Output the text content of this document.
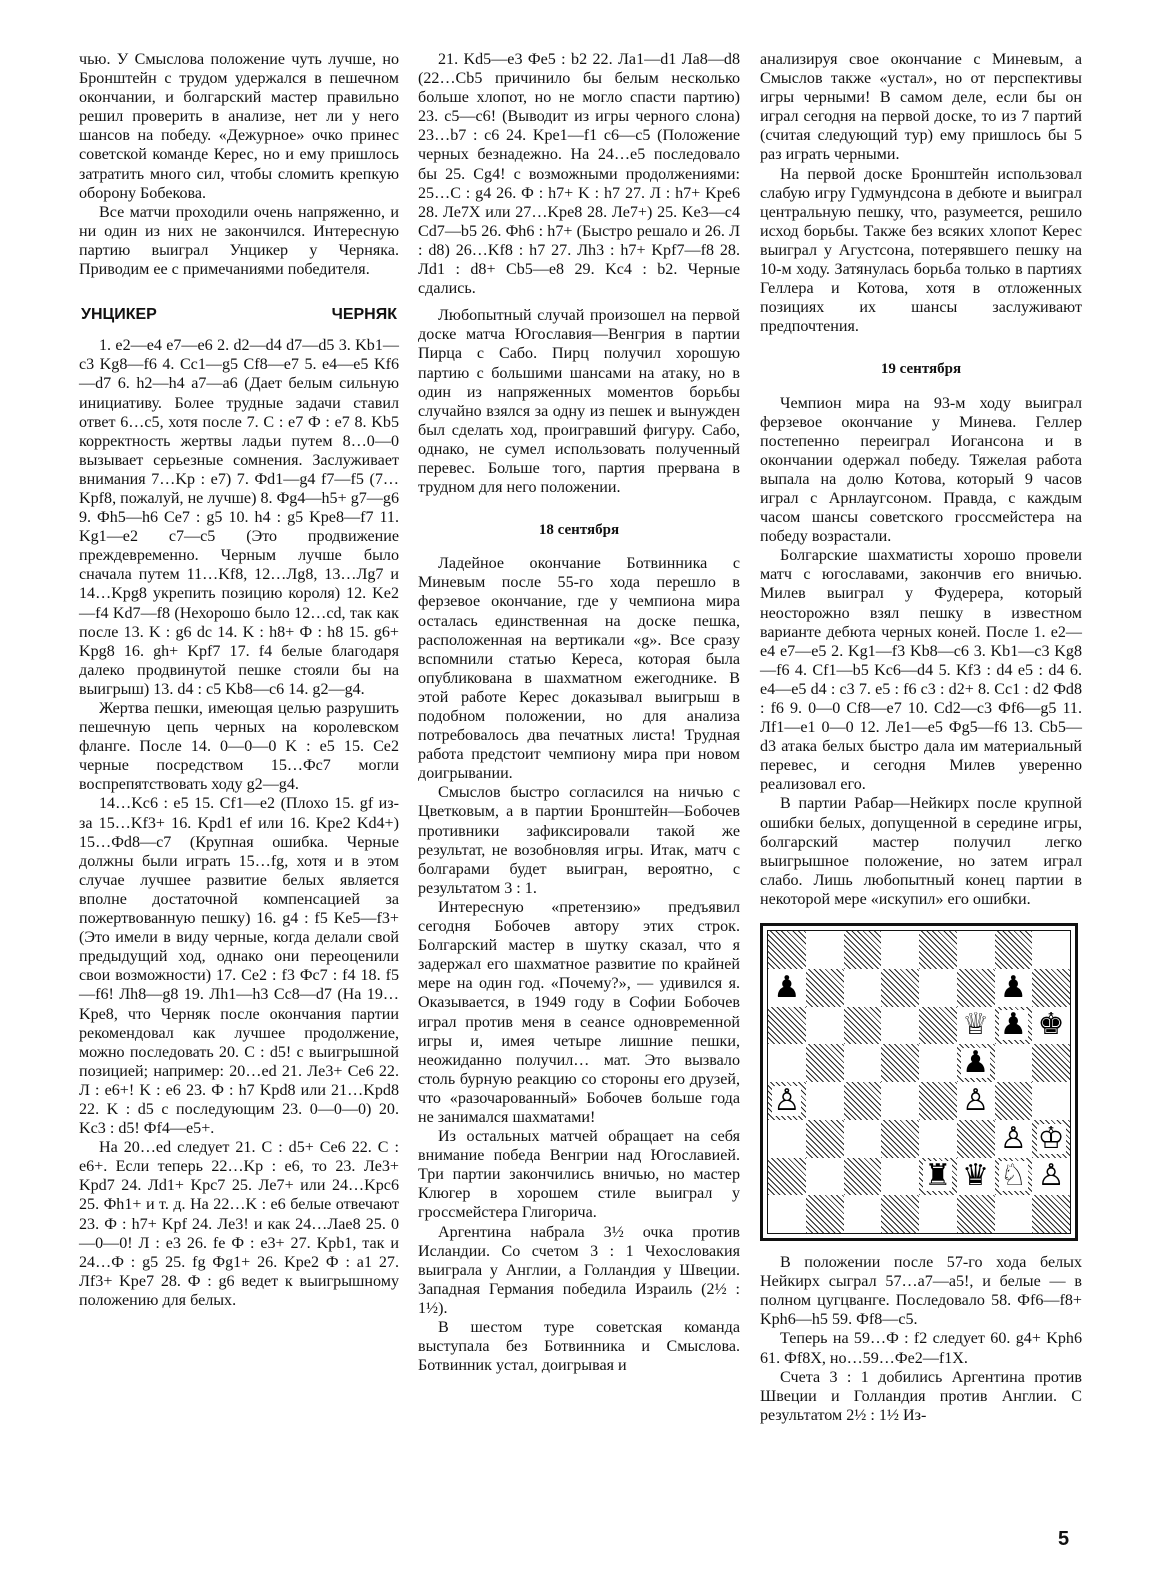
чью. У Смыслова положение чуть лучше, но Бронштейн с трудом удержался в пешечном окончании, и болгарский мастер правильно решил проверить в анализе, нет ли у него шансов на победу. «Дежурное» очко принес советской команде Керес, но и ему пришлось затратить много сил, чтобы сломить крепкую оборону Бобекова.

Все матчи проходили очень напряженно, и ни один из них не закончился. Интересную партию выиграл Унцикер у Черняка. Приводим ее с примечаниями победителя.

УНЦИКЕР	ЧЕРНЯК

1. e2—e4 e7—e6 2. d2—d4 d7—d5 3. Kb1—c3 Kg8—f6 4. Cc1—g5 Cf8—e7 5. e4—e5 Kf6—d7 6. h2—h4 a7—a6 (Дает белым сильную инициативу. Более трудные задачи ставил ответ 6…c5, хотя после 7. C : e7 Ф : e7 8. Kb5 корректность жертвы ладьи путем 8…0—0 вызывает серьезные сомнения. Заслуживает внимания 7…Kp : e7) 7. Фd1—g4 f7—f5 (7…Kpf8, пожалуй, не лучше) 8. Фg4—h5+ g7—g6 9. Фh5—h6 Ce7 : g5 10. h4 : g5 Kpe8—f7 11. Kg1—e2 c7—c5 (Это продвижение преждевременно. Черным лучше было сначала путем 11…Kf8, 12…Лg8, 13…Лg7 и 14…Kpg8 укрепить позицию короля) 12. Ke2—f4 Kd7—f8 (Нехорошо было 12…cd, так как после 13. K : g6 dc 14. K : h8+ Ф : h8 15. g6+ Kpg8 16. gh+ Kpf7 17. f4 белые благодаря далеко продвинутой пешке стояли бы на выигрыш) 13. d4 : c5 Kb8—c6 14. g2—g4.

Жертва пешки, имеющая целью разрушить пешечную цепь черных на королевском фланге. После 14. 0—0—0 K : e5 15. Ce2 черные посредством 15…Фc7 могли воспрепятствовать ходу g2—g4.

14…Kc6 : e5 15. Cf1—e2 (Плохо 15. gf из-за 15…Kf3+ 16. Kpd1 ef или 16. Kpe2 Kd4+) 15…Фd8—c7 (Крупная ошибка. Черные должны были играть 15…fg, хотя и в этом случае лучшее развитие белых является вполне достаточной компенсацией за пожертвованную пешку) 16. g4 : f5 Ke5—f3+ (Это имели в виду черные, когда делали свой предыдущий ход, однако они переоценили свои возможности) 17. Ce2 : f3 Фc7 : f4 18. f5—f6! Лh8—g8 19. Лh1—h3 Cc8—d7 (На 19…Kpe8, что Черняк после окончания партии рекомендовал как лучшее продолжение, можно последовать 20. C : d5! с выигрышной позицией; например: 20…ed 21. Лe3+ Ce6 22. Л : e6+! K : e6 23. Ф : h7 Kpd8 или 21…Kpd8 22. K : d5 с последующим 23. 0—0—0) 20. Kc3 : d5! Фf4—e5+.

На 20…ed следует 21. C : d5+ Ce6 22. C : e6+. Если теперь 22…Kp : e6, то 23. Лe3+ Kpd7 24. Лd1+ Kpc7 25. Лe7+ или 24…Kpc6 25. Фh1+ и т. д. На 22…K : e6 белые отвечают 23. Ф : h7+ Kpf 24. Лe3! и как 24…Лae8 25. 0—0—0! Л : e3 26. fe Ф : e3+ 27. Kpb1, так и 24…Ф : g5 25. fg Фg1+ 26. Kpe2 Ф : a1 27. Лf3+ Kpe7 28. Ф : g6 ведет к выигрышному положению для белых.

21. Kd5—e3 Фe5 : b2 22. Лa1—d1 Лa8—d8 (22…Cb5 причинило бы белым несколько больше хлопот, но не могло спасти партию) 23. c5—c6! (Выводит из игры черного слона) 23…b7 : c6 24. Kpe1—f1 c6—c5 (Положение черных безнадежно. На 24…e5 последовало бы 25. Cg4! с возможными продолжениями: 25…C : g4 26. Ф : h7+ K : h7 27. Л : h7+ Kpe6 28. Лe7X или 27…Kpe8 28. Лe7+) 25. Ke3—c4 Cd7—b5 26. Фh6 : h7+ (Быстро решало и 26. Л : d8) 26…Kf8 : h7 27. Лh3 : h7+ Kpf7—f8 28. Лd1 : d8+ Cb5—e8 29. Kc4 : b2. Черные сдались.

Любопытный случай произошел на первой доске матча Югославия—Венгрия в партии Пирца с Сабо. Пирц получил хорошую партию с большими шансами на атаку, но в один из напряженных моментов борьбы случайно взялся за одну из пешек и вынужден был сделать ход, проигравший фигуру. Сабо, однако, не сумел использовать полученный перевес. Больше того, партия прервана в трудном для него положении.

18 сентября

Ладейное окончание Ботвинника с Миневым после 55-го хода перешло в ферзевое окончание, где у чемпиона мира осталась единственная на доске пешка, расположенная на вертикали «g». Все сразу вспомнили статью Кереса, которая была опубликована в шахматном ежегоднике. В этой работе Керес доказывал выигрыш в подобном положении, но для анализа потребовалось два печатных листа! Трудная работа предстоит чемпиону мира при новом доигрывании.

Смыслов быстро согласился на ничью с Цветковым, а в партии Бронштейн—Бобочев противники зафиксировали такой же результат, не возобновляя игры. Итак, матч с болгарами будет выигран, вероятно, с результатом 3 : 1.

Интересную «претензию» предъявил сегодня Бобочев автору этих строк. Болгарский мастер в шутку сказал, что я задержал его шахматное развитие по крайней мере на один год. «Почему?», — удивился я. Оказывается, в 1949 году в Софии Бобочев играл против меня в сеансе одновременной игры и, имея четыре лишние пешки, неожиданно получил… мат. Это вызвало столь бурную реакцию со стороны его друзей, что «разочарованный» Бобочев больше года не занимался шахматами!

Из остальных матчей обращает на себя внимание победа Венгрии над Югославией. Три партии закончились вничью, но мастер Клюгер в хорошем стиле выиграл у гроссмейстера Глигорича.

Аргентина набрала 3½ очка против Исландии. Со счетом 3 : 1 Чехословакия выиграла у Англии, а Голландия у Швеции. Западная Германия победила Израиль (2½ : 1½).

В шестом туре советская команда выступала без Ботвинника и Смыслова. Ботвинник устал, доигрывая и

анализируя свое окончание с Миневым, а Смыслов также «устал», но от перспективы игры черными! В самом деле, если бы он играл сегодня на первой доске, то из 7 партий (считая следующий тур) ему пришлось бы 5 раз играть черными.

На первой доске Бронштейн использовал слабую игру Гудмундсона в дебюте и выиграл центральную пешку, что, разумеется, решило исход борьбы. Также без всяких хлопот Керес выиграл у Агустсона, потерявшего пешку на 10-м ходу. Затянулась борьба только в партиях Геллера и Котова, хотя в отложенных позициях их шансы заслуживают предпочтения.

19 сентября

Чемпион мира на 93-м ходу выиграл ферзевое окончание у Минева. Геллер постепенно переиграл Иогансона и в окончании одержал победу. Тяжелая работа выпала на долю Котова, который 9 часов играл с Арнлаугсоном. Правда, с каждым часом шансы советского гроссмейстера на победу возрастали.

Болгарские шахматисты хорошо провели матч с югославами, закончив его вничью. Милев выиграл у Фудерера, который неосторожно взял пешку в известном варианте дебюта черных коней. После 1. e2—e4 e7—e5 2. Kg1—f3 Kb8—c6 3. Kb1—c3 Kg8—f6 4. Cf1—b5 Kc6—d4 5. Kf3 : d4 e5 : d4 6. e4—e5 d4 : c3 7. e5 : f6 c3 : d2+ 8. Cc1 : d2 Фd8 : f6 9. 0—0 Cf8—e7 10. Cd2—c3 Фf6—g5 11. Лf1—e1 0—0 12. Лe1—e5 Фg5—f6 13. Cb5—d3 атака белых быстро дала им материальный перевес, и сегодня Милев уверенно реализовал его.

В партии Рабар—Нейкирх после крупной ошибки белых, допущенной в середине игры, болгарский мастер получил легко выигрышное положение, но затем играл слабо. Лишь любопытный конец партии в некоторой мере «искупил» его ошибки.

♟	♟
♕ ♟ ♚
♟
♙	♙
♙ ♔
♜ ♛ ♘ ♙

В положении после 57-го хода белых Нейкирх сыграл 57…a7—a5!, и белые — в полном цугцванге. Последовало 58. Фf6—f8+ Kph6—h5 59. Фf8—c5.

Теперь на 59…Ф : f2 следует 60. g4+ Kph6 61. Фf8X, но…59…Фe2—f1X.

Счета 3 : 1 добились Аргентина против Швеции и Голландия против Англии. С результатом 2½ : 1½ Из-

5
